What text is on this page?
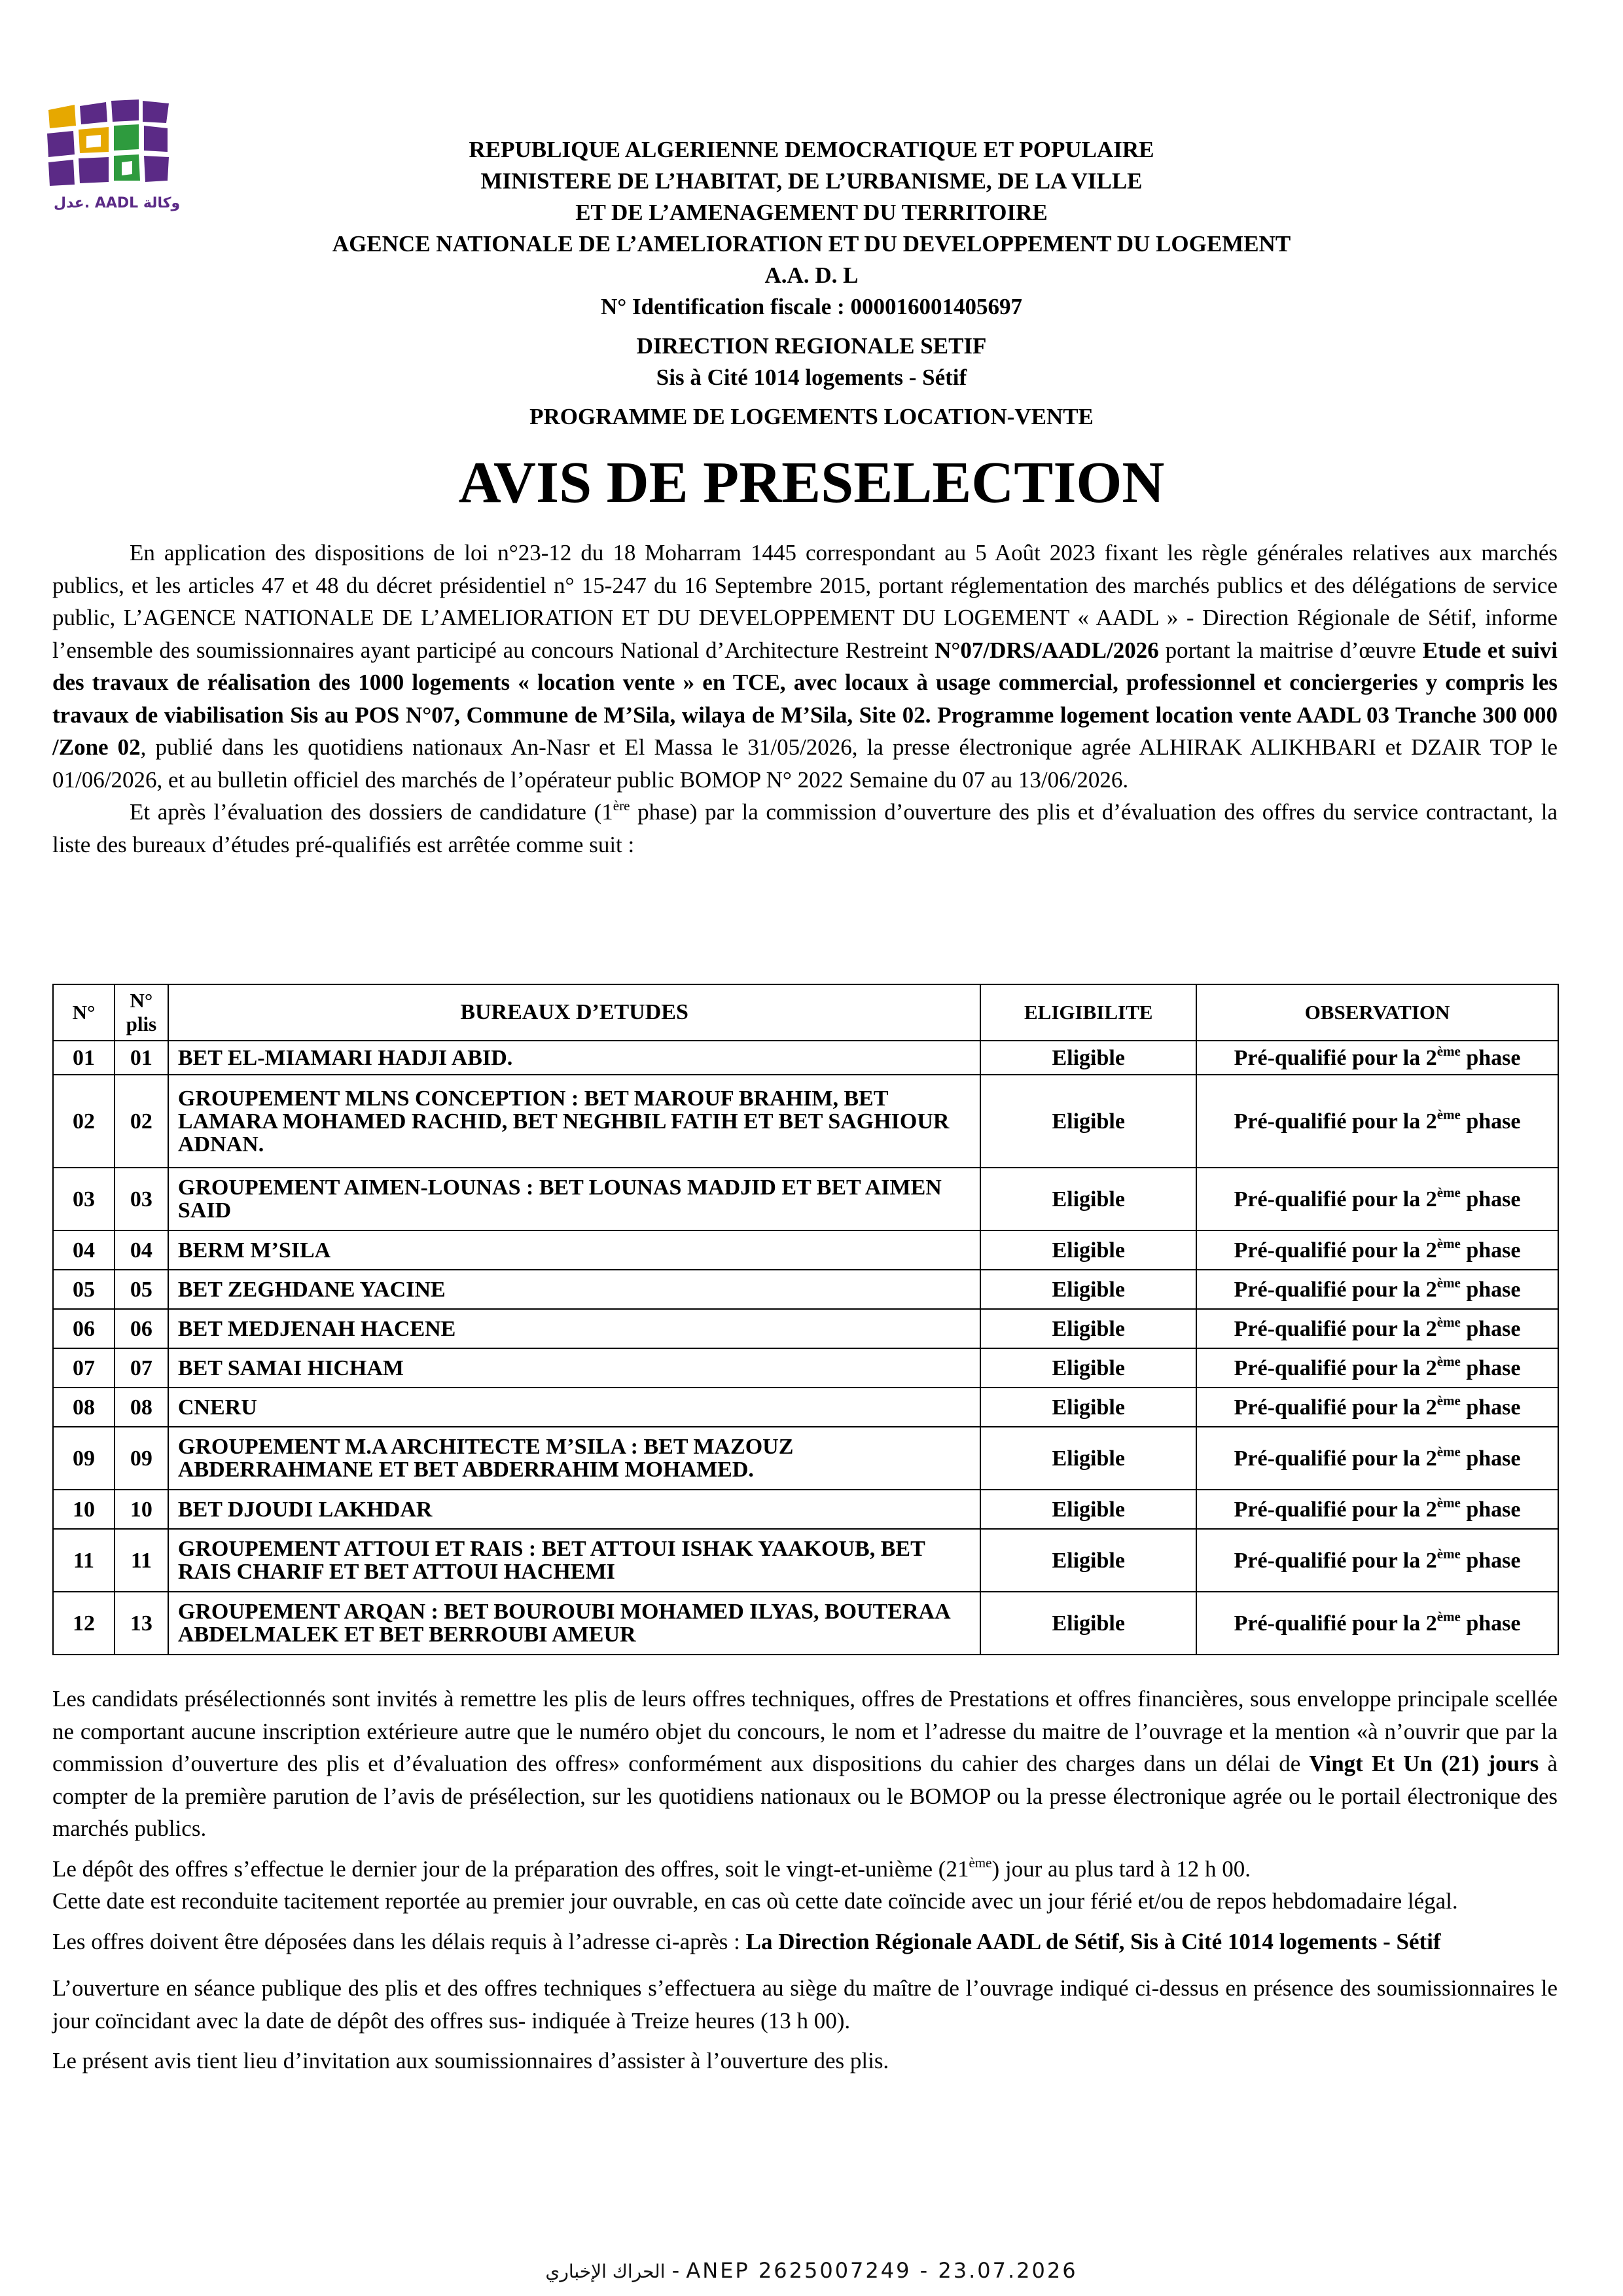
عدل. AADL وكالة
REPUBLIQUE ALGERIENNE DEMOCRATIQUE ET POPULAIRE
MINISTERE DE L’HABITAT, DE L’URBANISME, DE LA VILLE
ET DE L’AMENAGEMENT DU TERRITOIRE
AGENCE NATIONALE DE L’AMELIORATION ET DU DEVELOPPEMENT DU LOGEMENT
A.A. D. L
N° Identification fiscale : 000016001405697
DIRECTION REGIONALE SETIF
Sis à Cité 1014 logements - Sétif
PROGRAMME DE LOGEMENTS LOCATION-VENTE
AVIS DE PRESELECTION

En application des dispositions de loi n°23-12 du 18 Moharram 1445 correspondant au 5 Août 2023 fixant les règle générales relatives aux marchés publics, et les articles 47 et 48 du décret présidentiel n° 15-247 du 16 Septembre 2015, portant réglementation des marchés publics et des délégations de service public, L’AGENCE NATIONALE DE L’AMELIORATION ET DU DEVELOPPEMENT DU LOGEMENT « AADL » - Direction Régionale de Sétif, informe l’ensemble des soumissionnaires ayant participé au concours National d’Architecture Restreint N°07/DRS/AADL/2026 portant la maitrise d’œuvre Etude et suivi des travaux de réalisation des 1000 logements « location vente » en TCE, avec locaux à usage commercial, professionnel et conciergeries y compris les travaux de viabilisation Sis au POS N°07, Commune de M’Sila, wilaya de M’Sila, Site 02. Programme logement location vente AADL 03 Tranche 300 000 /Zone 02, publié dans les quotidiens nationaux An-Nasr et El Massa le 31/05/2026, la presse électronique agrée ALHIRAK ALIKHBARI et DZAIR TOP le 01/06/2026, et au bulletin officiel des marchés de l’opérateur public BOMOP N° 2022 Semaine du 07 au 13/06/2026.

Et après l’évaluation des dossiers de candidature (1ère phase) par la commission d’ouverture des plis et d’évaluation des offres du service contractant, la liste des bureaux d’études pré-qualifiés est arrêtée comme suit :

N°	N° plis	BUREAUX D’ETUDES	ELIGIBILITE	OBSERVATION
01	01	BET EL-MIAMARI HADJI ABID.	Eligible	Pré-qualifié pour la 2ème phase
02	02	GROUPEMENT MLNS CONCEPTION : BET MAROUF BRAHIM, BET LAMARA MOHAMED RACHID, BET NEGHBIL FATIH ET BET SAGHIOUR ADNAN.	Eligible	Pré-qualifié pour la 2ème phase
03	03	GROUPEMENT AIMEN-LOUNAS : BET LOUNAS MADJID ET BET AIMEN SAID	Eligible	Pré-qualifié pour la 2ème phase
04	04	BERM M’SILA	Eligible	Pré-qualifié pour la 2ème phase
05	05	BET ZEGHDANE YACINE	Eligible	Pré-qualifié pour la 2ème phase
06	06	BET MEDJENAH HACENE	Eligible	Pré-qualifié pour la 2ème phase
07	07	BET SAMAI HICHAM	Eligible	Pré-qualifié pour la 2ème phase
08	08	CNERU	Eligible	Pré-qualifié pour la 2ème phase
09	09	GROUPEMENT M.A ARCHITECTE M’SILA : BET MAZOUZ ABDERRAHMANE ET BET ABDERRAHIM MOHAMED.	Eligible	Pré-qualifié pour la 2ème phase
10	10	BET DJOUDI LAKHDAR	Eligible	Pré-qualifié pour la 2ème phase
11	11	GROUPEMENT ATTOUI ET RAIS : BET ATTOUI ISHAK YAAKOUB, BET RAIS CHARIF ET BET ATTOUI HACHEMI	Eligible	Pré-qualifié pour la 2ème phase
12	13	GROUPEMENT ARQAN : BET BOUROUBI MOHAMED ILYAS, BOUTERAA ABDELMALEK ET BET BERROUBI AMEUR	Eligible	Pré-qualifié pour la 2ème phase

Les candidats présélectionnés sont invités à remettre les plis de leurs offres techniques, offres de Prestations et offres financières, sous enveloppe principale scellée ne comportant aucune inscription extérieure autre que le numéro objet du concours, le nom et l’adresse du maitre de l’ouvrage et la mention «à n’ouvrir que par la commission d’ouverture des plis et d’évaluation des offres» conformément aux dispositions du cahier des charges dans un délai de Vingt Et Un (21) jours à compter de la première parution de l’avis de présélection, sur les quotidiens nationaux ou le BOMOP ou la presse électronique agrée ou le portail électronique des marchés publics.

Le dépôt des offres s’effectue le dernier jour de la préparation des offres, soit le vingt-et-unième (21ème) jour au plus tard à 12 h 00.

Cette date est reconduite tacitement reportée au premier jour ouvrable, en cas où cette date coïncide avec un jour férié et/ou de repos hebdomadaire légal.

Les offres doivent être déposées dans les délais requis à l’adresse ci-après : La Direction Régionale AADL de Sétif, Sis à Cité 1014 logements - Sétif

L’ouverture en séance publique des plis et des offres techniques s’effectuera au siège du maître de l’ouvrage indiqué ci-dessus en présence des soumissionnaires le jour coïncidant avec la date de dépôt des offres sus- indiquée à Treize heures (13 h 00).

Le présent avis tient lieu d’invitation aux soumissionnaires d’assister à l’ouverture des plis.

الحراك الإخباري - ANEP 2625007249 - 23.07.2026
